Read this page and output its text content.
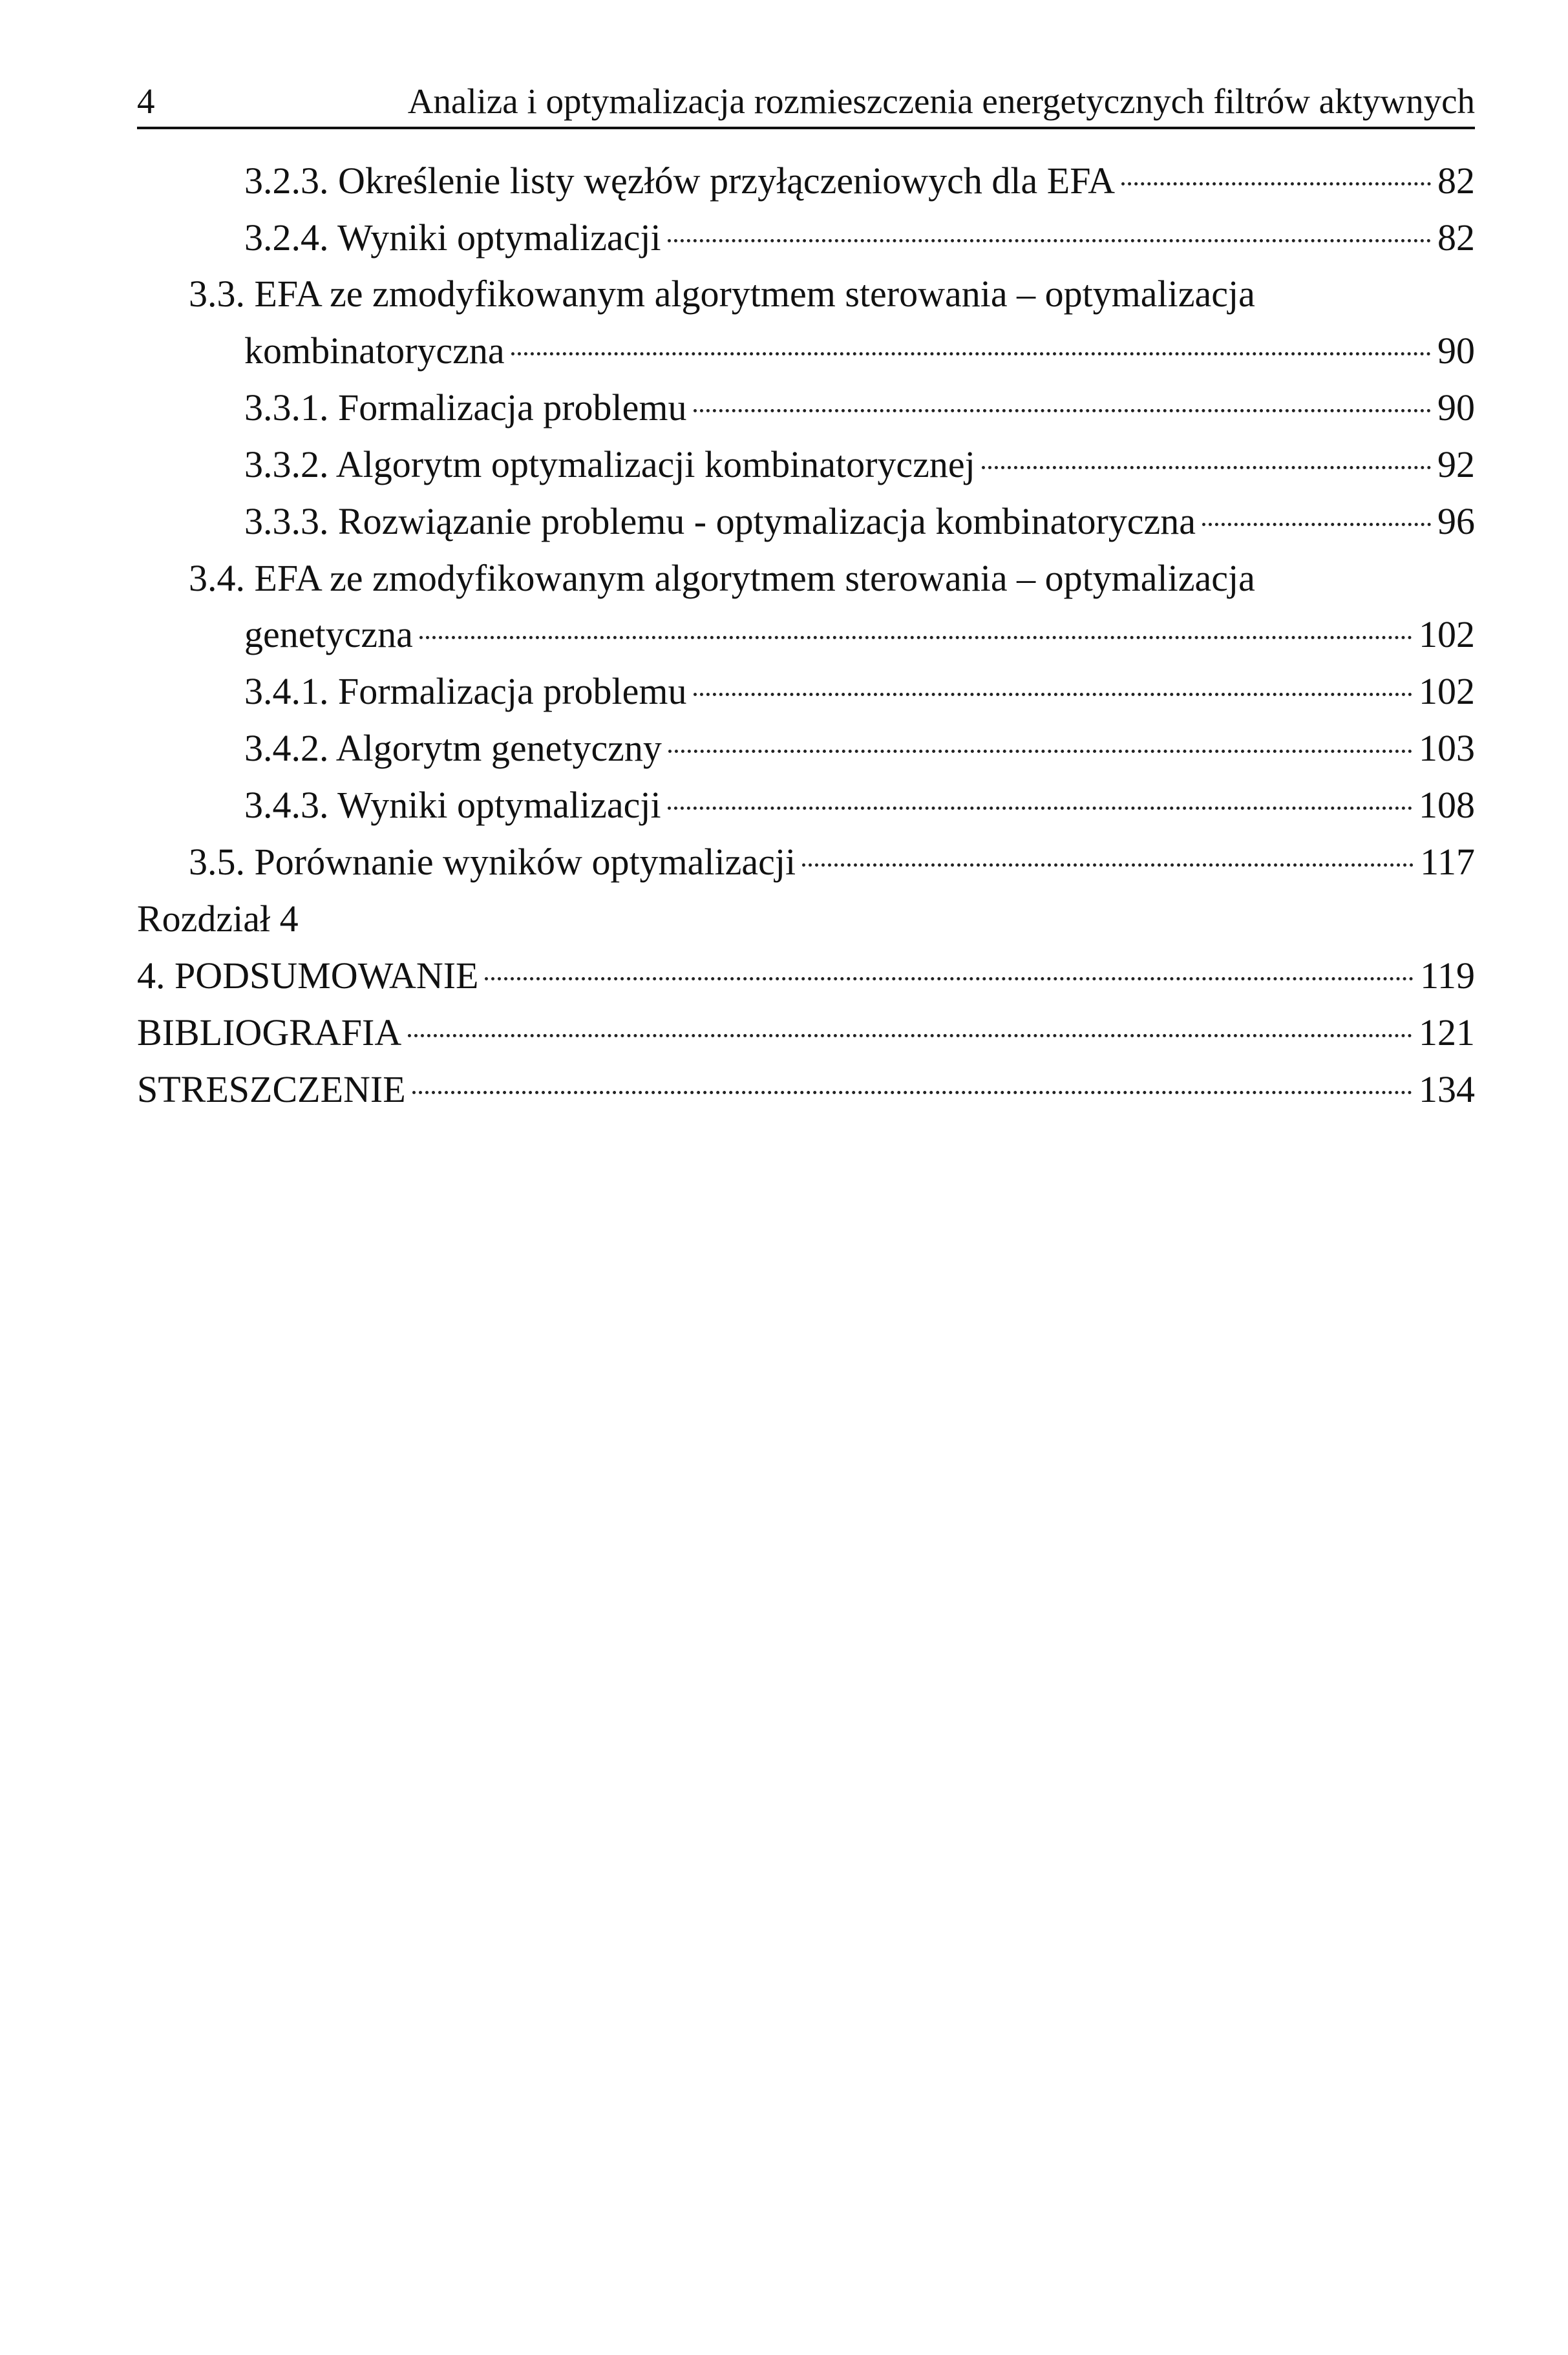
4	Analiza i optymalizacja rozmieszczenia energetycznych filtrów aktywnych
3.2.3. Określenie listy węzłów przyłączeniowych dla EFA	82
3.2.4. Wyniki optymalizacji	82
3.3. EFA ze zmodyfikowanym algorytmem sterowania – optymalizacja
kombinatoryczna	90
3.3.1. Formalizacja problemu	90
3.3.2. Algorytm optymalizacji kombinatorycznej	92
3.3.3. Rozwiązanie problemu - optymalizacja kombinatoryczna	96
3.4. EFA ze zmodyfikowanym algorytmem sterowania – optymalizacja
genetyczna	102
3.4.1. Formalizacja problemu	102
3.4.2. Algorytm genetyczny	103
3.4.3. Wyniki optymalizacji	108
3.5. Porównanie wyników optymalizacji	117
Rozdział 4
4. PODSUMOWANIE	119
BIBLIOGRAFIA	121
STRESZCZENIE	134
